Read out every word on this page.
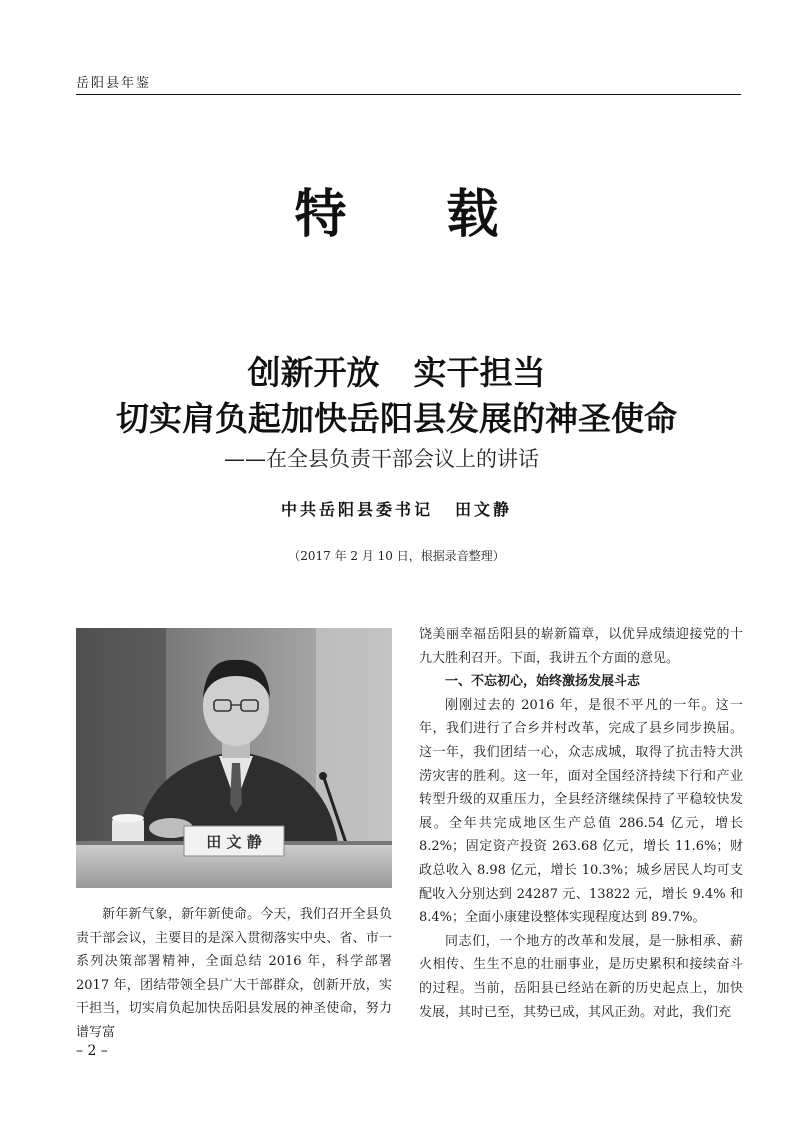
岳阳县年鉴
特 载
创新开放 实干担当
切实肩负起加快岳阳县发展的神圣使命
——在全县负责干部会议上的讲话
中共岳阳县委书记 田文静
（2017 年 2 月 10 日，根据录音整理）
田 文 静

新年新气象，新年新使命。今天，我们召开全县负责干部会议，主要目的是深入贯彻落实中央、省、市一系列决策部署精神，全面总结 2016 年，科学部署 2017 年，团结带领全县广大干部群众，创新开放，实干担当，切实肩负起加快岳阳县发展的神圣使命，努力谱写富

饶美丽幸福岳阳县的崭新篇章，以优异成绩迎接党的十九大胜利召开。下面，我讲五个方面的意见。

一、不忘初心，始终激扬发展斗志

刚刚过去的 2016 年，是很不平凡的一年。这一年，我们进行了合乡并村改革，完成了县乡同步换届。这一年，我们团结一心，众志成城，取得了抗击特大洪涝灾害的胜利。这一年，面对全国经济持续下行和产业转型升级的双重压力，全县经济继续保持了平稳较快发展。全年共完成地区生产总值 286.54 亿元，增长 8.2%；固定资产投资 263.68 亿元，增长 11.6%；财政总收入 8.98 亿元，增长 10.3%；城乡居民人均可支配收入分别达到 24287 元、13822 元，增长 9.4% 和 8.4%；全面小康建设整体实现程度达到 89.7%。

同志们，一个地方的改革和发展，是一脉相承、薪火相传、生生不息的壮丽事业，是历史累积和接续奋斗的过程。当前，岳阳县已经站在新的历史起点上，加快发展，其时已至，其势已成，其风正劲。对此，我们充

– 2 –
